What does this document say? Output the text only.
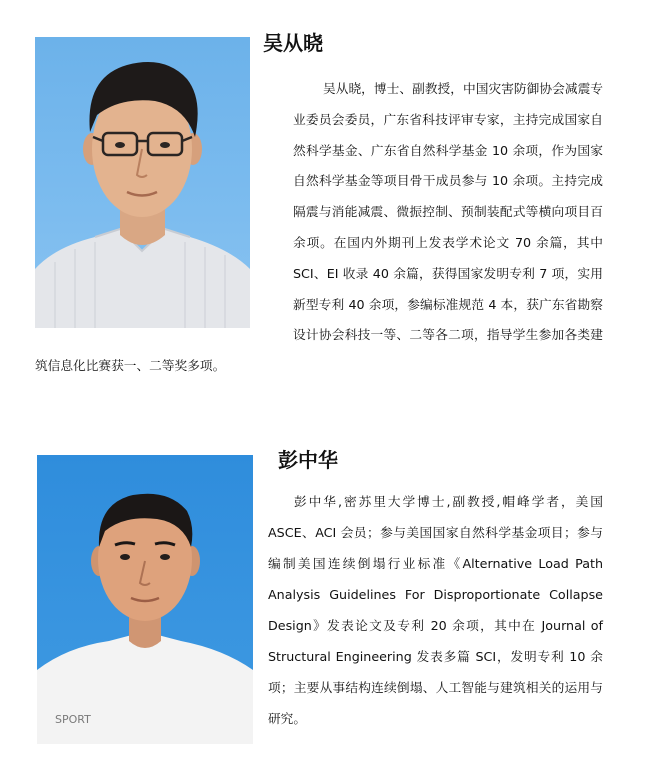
吴从晓
吴从晓，博士、副教授，中国灾害防御协会减震专业委员会委员，广东省科技评审专家，主持完成国家自然科学基金、广东省自然科学基金 10 余项，作为国家自然科学基金等项目骨干成员参与 10 余项。主持完成隔震与消能减震、微振控制、预制装配式等横向项目百余项。在国内外期刊上发表学术论文 70 余篇，其中 SCI、EI 收录 40 余篇，获得国家发明专利 7 项，实用新型专利 40 余项，参编标准规范 4 本，获广东省勘察设计协会科技一等、二等各二项，指导学生参加各类建筑信息化比赛获一、二等奖多项。
SPORT
彭中华

彭中华,密苏里大学博士,副教授,帽峰学者，美国 ASCE、ACI 会员；参与美国国家自然科学基金项目；参与编制美国连续倒塌行业标准《Alternative Load Path Analysis Guidelines For Disproportionate Collapse Design》发表论文及专利 20 余项，其中在 Journal of Structural Engineering 发表多篇 SCI，发明专利 10 余项；主要从事结构连续倒塌、人工智能与建筑相关的运用与研究。
